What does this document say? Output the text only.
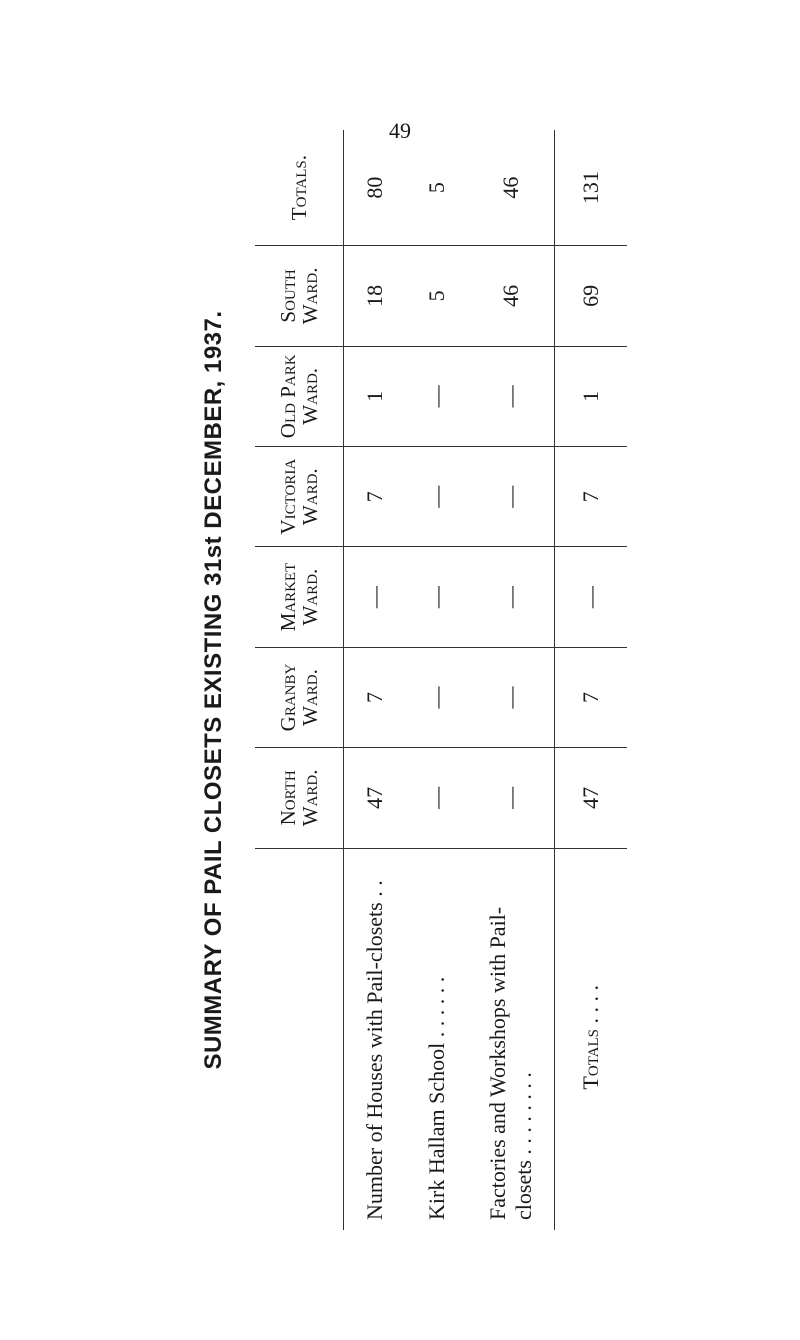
49
SUMMARY OF PAIL CLOSETS EXISTING 31st DECEMBER, 1937.
	North Ward.	Granby Ward.	Market Ward.	Victoria Ward.	Old Park Ward.	South Ward.	Totals.
Number of Houses with Pail-closets . .	47	7	—	7	1	18	80
Kirk Hallam School . . . . . .	—	—	—	—	—	5	5
Factories and Workshops with Pail-closets . . . . . . . .	—	—	—	—	—	46	46
Totals . . . .	47	7	—	7	1	69	131
